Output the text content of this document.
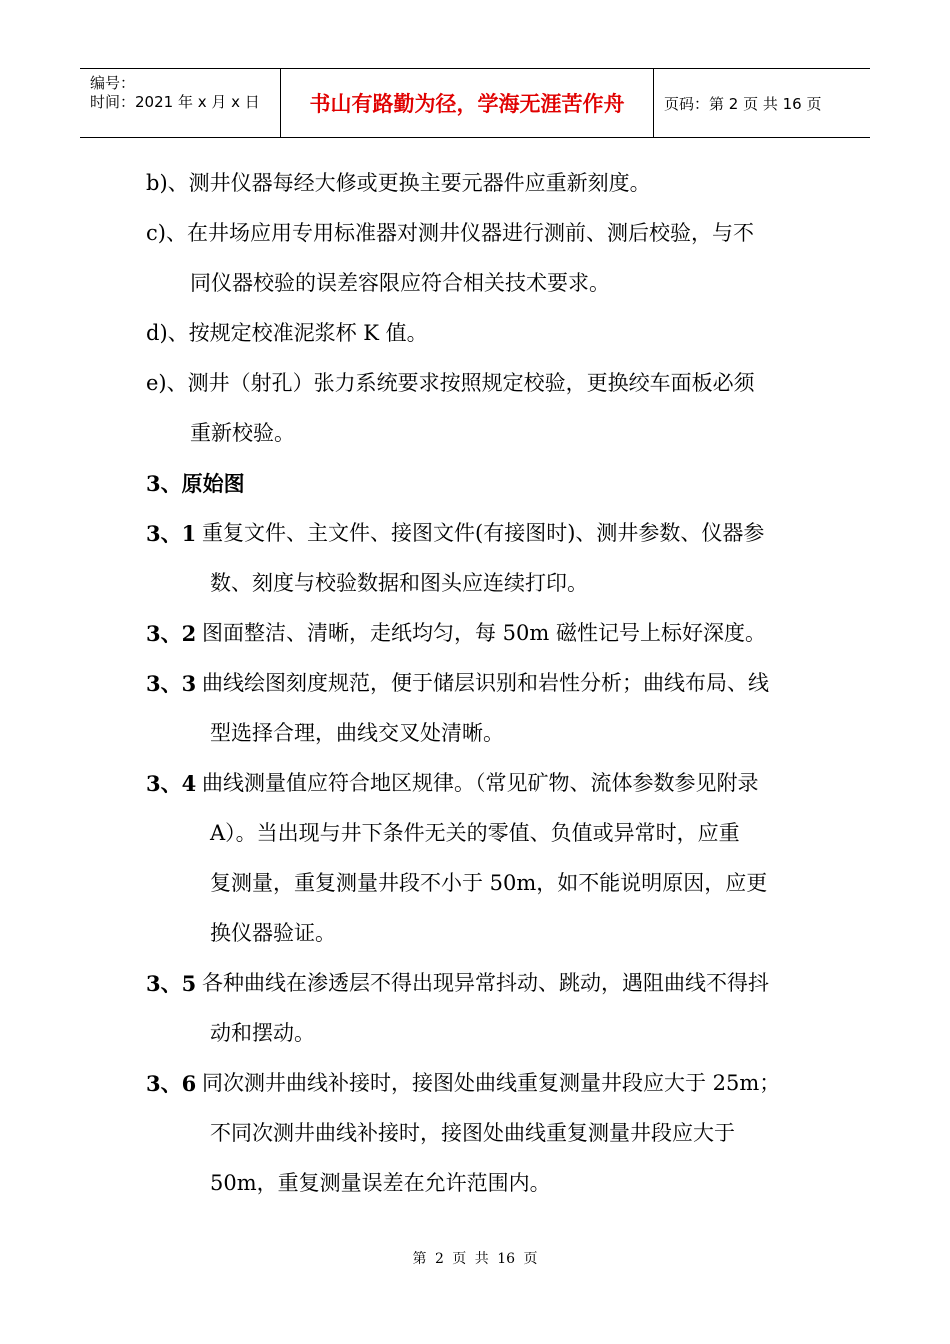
编号：
时间：2021 年 x 月 x 日	书山有路勤为径，学海无涯苦作舟	页码：第 2 页 共 16 页
b)、测井仪器每经大修或更换主要元器件应重新刻度。
c)、在井场应用专用标准器对测井仪器进行测前、测后校验，与不
同仪器校验的误差容限应符合相关技术要求。
d)、按规定校准泥浆杯 K 值。
e)、测井（射孔）张力系统要求按照规定校验，更换绞车面板必须
重新校验。
3、原始图
3、1 重复文件、主文件、接图文件(有接图时)、测井参数、仪器参
数、刻度与校验数据和图头应连续打印。
3、2 图面整洁、清晰，走纸均匀，每 50m 磁性记号上标好深度。
3、3 曲线绘图刻度规范，便于储层识别和岩性分析；曲线布局、线
型选择合理，曲线交叉处清晰。
3、4 曲线测量值应符合地区规律。（常见矿物、流体参数参见附录
A）。当出现与井下条件无关的零值、负值或异常时，应重
复测量，重复测量井段不小于 50m，如不能说明原因，应更
换仪器验证。
3、5 各种曲线在渗透层不得出现异常抖动、跳动，遇阻曲线不得抖
动和摆动。
3、6 同次测井曲线补接时，接图处曲线重复测量井段应大于 25m；
不同次测井曲线补接时，接图处曲线重复测量井段应大于
50m，重复测量误差在允许范围内。
第 2 页 共 16 页
